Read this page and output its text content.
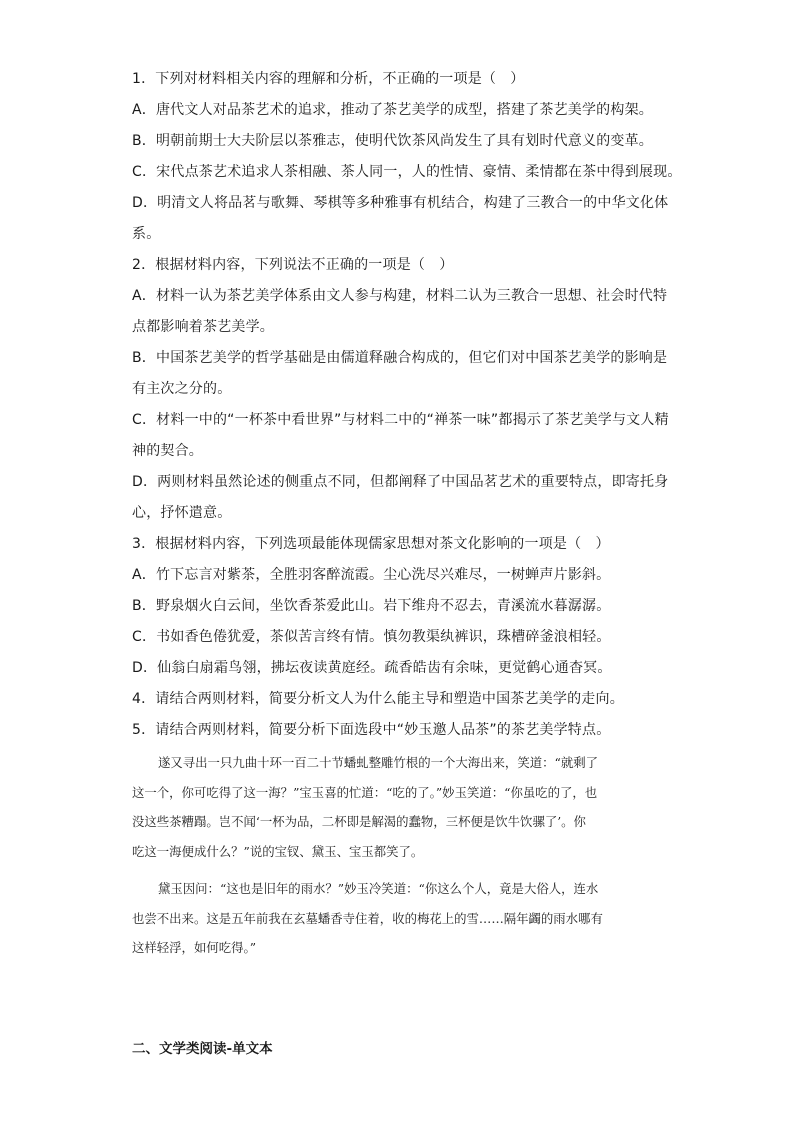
1．下列对材料相关内容的理解和分析，不正确的一项是（　）
A．唐代文人对品茶艺术的追求，推动了茶艺美学的成型，搭建了茶艺美学的构架。
B．明朝前期士大夫阶层以茶雅志，使明代饮茶风尚发生了具有划时代意义的变革。
C．宋代点茶艺术追求人茶相融、茶人同一，人的性情、豪情、柔情都在茶中得到展现。
D．明清文人将品茗与歌舞、琴棋等多种雅事有机结合，构建了三教合一的中华文化体
系。
2．根据材料内容，下列说法不正确的一项是（　）
A．材料一认为茶艺美学体系由文人参与构建，材料二认为三教合一思想、社会时代特
点都影响着茶艺美学。
B．中国茶艺美学的哲学基础是由儒道释融合构成的，但它们对中国茶艺美学的影响是
有主次之分的。
C．材料一中的“一杯茶中看世界”与材料二中的“禅茶一味”都揭示了茶艺美学与文人精
神的契合。
D．两则材料虽然论述的侧重点不同，但都阐释了中国品茗艺术的重要特点，即寄托身
心，抒怀遣意。
3．根据材料内容，下列选项最能体现儒家思想对茶文化影响的一项是（　）
A．竹下忘言对紫茶，全胜羽客醉流霞。尘心洗尽兴难尽，一树蝉声片影斜。
B．野泉烟火白云间，坐饮香茶爱此山。岩下维舟不忍去，青溪流水暮潺潺。
C．书如香色倦犹爱，茶似苦言终有情。慎勿教渠纨裤识，珠槽碎釜浪相轻。
D．仙翁白扇霜鸟翎，拂坛夜读黄庭经。疏香皓齿有余味，更觉鹤心通杳冥。
4．请结合两则材料，简要分析文人为什么能主导和塑造中国茶艺美学的走向。
5．请结合两则材料，简要分析下面选段中“妙玉邀人品茶”的茶艺美学特点。
遂又寻出一只九曲十环一百二十节蟠虬整雕竹根的一个大海出来，笑道：“就剩了
这一个，你可吃得了这一海？”宝玉喜的忙道：“吃的了。”妙玉笑道：“你虽吃的了，也
没这些茶糟蹋。岂不闻‘一杯为品，二杯即是解渴的蠢物，三杯便是饮牛饮骡了’。你
吃这一海便成什么？”说的宝钗、黛玉、宝玉都笑了。
黛玉因问：“这也是旧年的雨水？”妙玉冷笑道：“你这么个人，竟是大俗人，连水
也尝不出来。这是五年前我在玄墓蟠香寺住着，收的梅花上的雪……隔年蠲的雨水哪有
这样轻浮，如何吃得。”
二、文学类阅读-单文本
